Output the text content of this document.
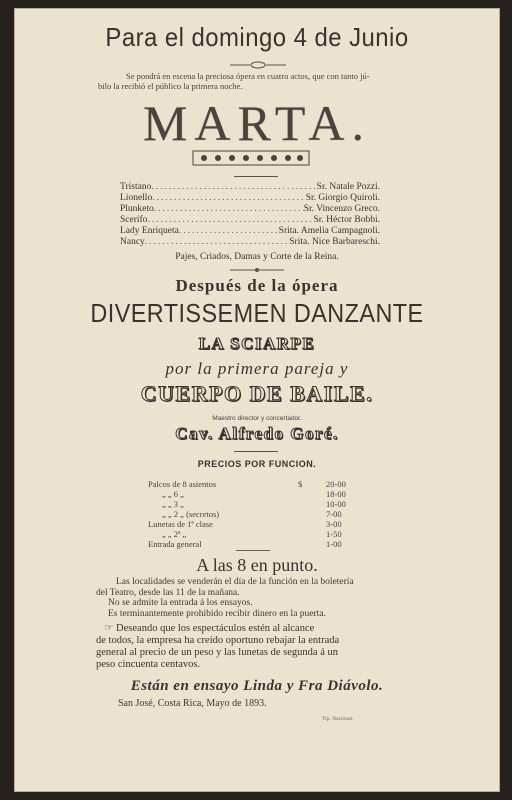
Para el domingo 4 de Junio
Se pondrá en escena la preciosa ópera en cuatro actos, que con tanto jú-
bilo la recibió el público la primera noche.
MARTA.
Tristano .....	Sr. Natale Pozzi.
Lionello .....	Sr. Giorgio Quiroli.
Plunketo .....	Sr. Vincenzo Greco.
Scerifo .....	Sr. Héctor Bobbi.
Lady Enriqueta .....	Srita. Amelia Campagnoli.
Nancy .....	Srita. Nice Barbareschi.
Pajes, Criados, Damas y Corte de la Reina.
Después de la ópera
DIVERTISSEMEN DANZANTE
LA SCIARPE
por la primera pareja y
CUERPO DE BAILE.
Maestro director y concertador.
Cav. Alfredo Goré.
PRECIOS POR FUNCION.
Palcos de 8 asientos	$	20-00
„ „ 6 „	18-00
„ „ 3 „	10-00
„ „ 2 „ (secretos)	7-00
Lunetas de 1ª clase	3-00
„ „ 2ª „	1-50
Entrada general	1-00
A las 8 en punto.
Las localidades se venderán el día de la función en la boletería
del Teatro, desde las 11 de la mañana.
No se admite la entrada á los ensayos.
Es terminantemente prohibido recibir dinero en la puerta.
☞ Deseando que los espectáculos estén al alcance
de todos, la empresa ha creído oportuno rebajar la entrada
general al precio de un peso y las lunetas de segunda á un
peso cincuenta centavos.
Están en ensayo Linda y Fra Diávolo.
San José, Costa Rica, Mayo de 1893.
Tip. Nacional.
